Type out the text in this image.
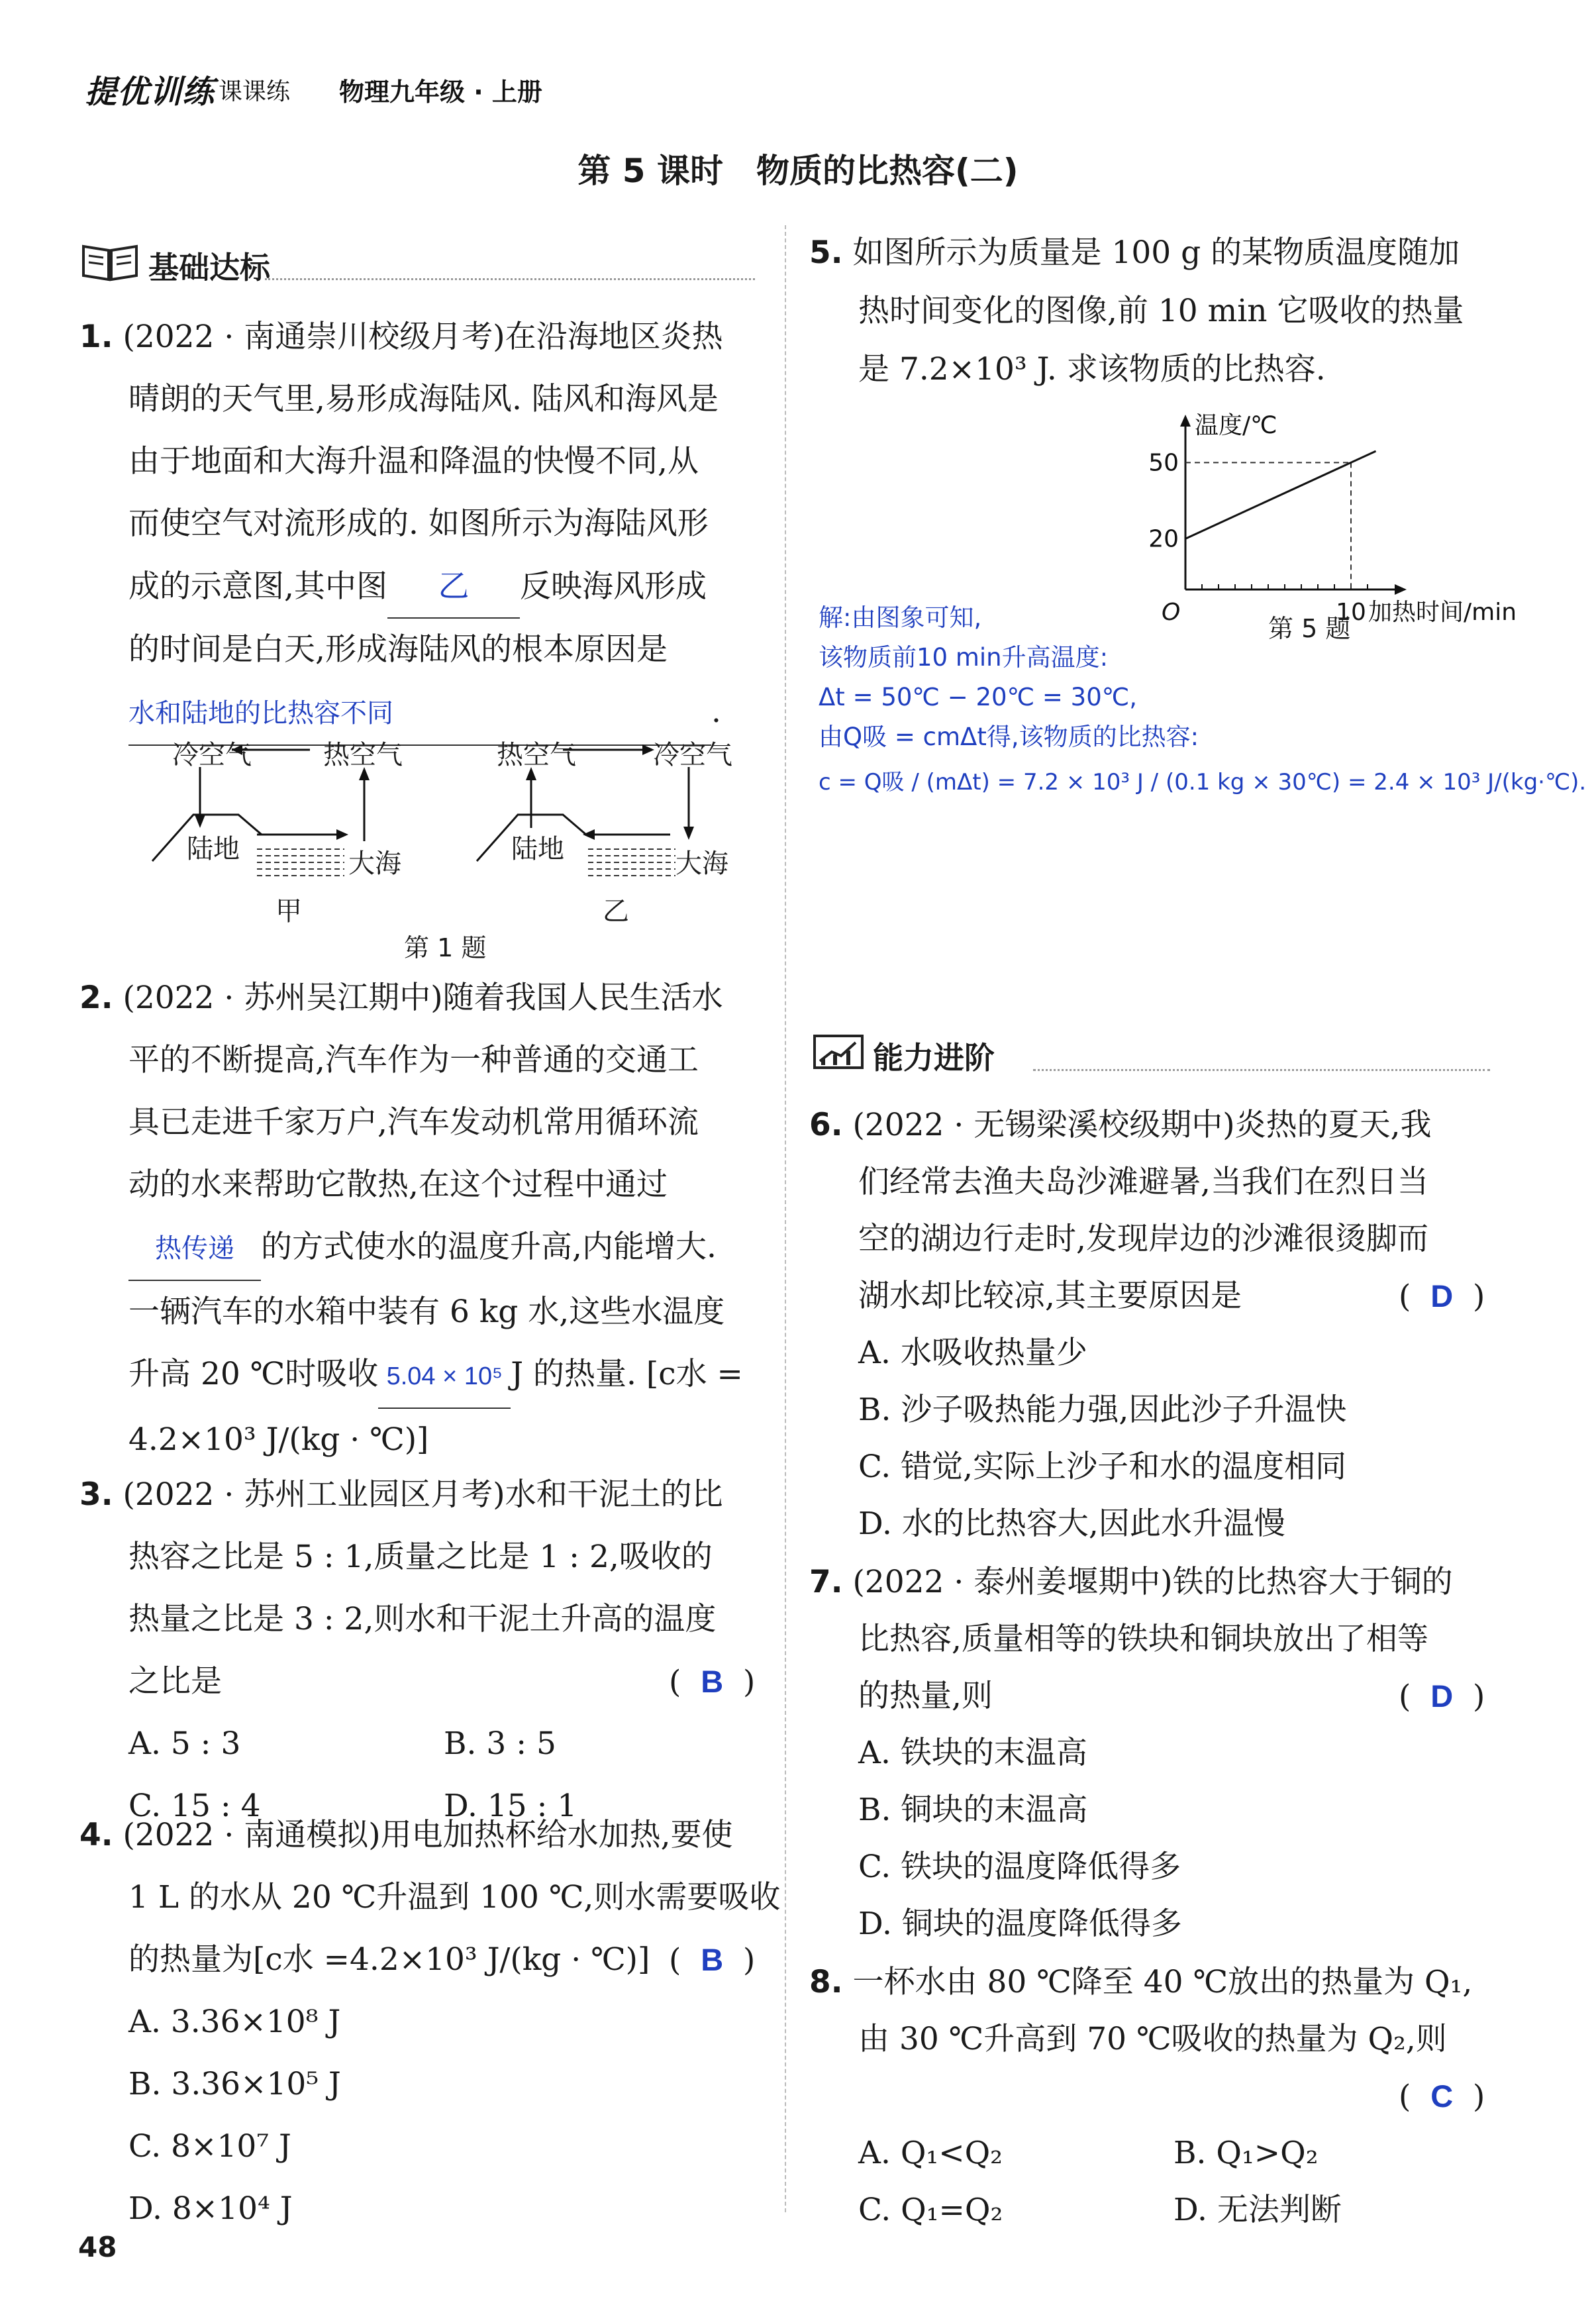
提优训练 课课练 物理九年级 · 上册
第 5 课时　物质的比热容(二)
基础达标
1. (2022 · 南通崇川校级月考)在沿海地区炎热
晴朗的天气里,易形成海陆风. 陆风和海风是
由于地面和大海升温和降温的快慢不同,从
而使空气对流形成的. 如图所示为海陆风形
成的示意图,其中图 乙 反映海风形成
的时间是白天,形成海陆风的根本原因是
水和陆地的比热容不同	.
冷空气	热空气
陆地	大海
甲
热空气	冷空气
陆地	大海
乙
第 1 题
2. (2022 · 苏州吴江期中)随着我国人民生活水
平的不断提高,汽车作为一种普通的交通工
具已走进千家万户,汽车发动机常用循环流
动的水来帮助它散热,在这个过程中通过
热传递 的方式使水的温度升高,内能增大.
一辆汽车的水箱中装有 6 kg 水,这些水温度
升高 20 ℃时吸收 5.04 × 10⁵ J 的热量. [c水 =
4.2×10³ J/(kg · ℃)]
3. (2022 · 苏州工业园区月考)水和干泥土的比
热容之比是 5 : 1,质量之比是 1 : 2,吸收的
热量之比是 3 : 2,则水和干泥土升高的温度
之比是	(  B  )
A. 5 : 3	B. 3 : 5
C. 15 : 4	D. 15 : 1
4. (2022 · 南通模拟)用电加热杯给水加热,要使
1 L 的水从 20 ℃升温到 100 ℃,则水需要吸收
的热量为[c水 =4.2×10³ J/(kg · ℃)] (  B  )
A. 3.36×10⁸ J
B. 3.36×10⁵ J
C. 8×10⁷ J
D. 8×10⁴ J
48
5. 如图所示为质量是 100 g 的某物质温度随加
热时间变化的图像,前 10 min 它吸收的热量
是 7.2×10³ J. 求该物质的比热容.
温度/℃
O
20
50
10 加热时间/min
第 5 题
解:由图象可知,
该物质前10 min升高温度:
Δt = 50℃ − 20℃ = 30℃,
由Q吸 = cmΔt得,该物质的比热容:
c = Q吸 / (mΔt) = 7.2 × 10³ J / (0.1 kg × 30℃) = 2.4 × 10³ J/(kg·℃).
能力进阶
6. (2022 · 无锡梁溪校级期中)炎热的夏天,我
们经常去渔夫岛沙滩避暑,当我们在烈日当
空的湖边行走时,发现岸边的沙滩很烫脚而
湖水却比较凉,其主要原因是	(  D  )
A. 水吸收热量少
B. 沙子吸热能力强,因此沙子升温快
C. 错觉,实际上沙子和水的温度相同
D. 水的比热容大,因此水升温慢
7. (2022 · 泰州姜堰期中)铁的比热容大于铜的
比热容,质量相等的铁块和铜块放出了相等
的热量,则	(  D  )
A. 铁块的末温高
B. 铜块的末温高
C. 铁块的温度降低得多
D. 铜块的温度降低得多
8. 一杯水由 80 ℃降至 40 ℃放出的热量为 Q₁,
由 30 ℃升高到 70 ℃吸收的热量为 Q₂,则
(  C  )
A. Q₁<Q₂	B. Q₁>Q₂
C. Q₁=Q₂	D. 无法判断
